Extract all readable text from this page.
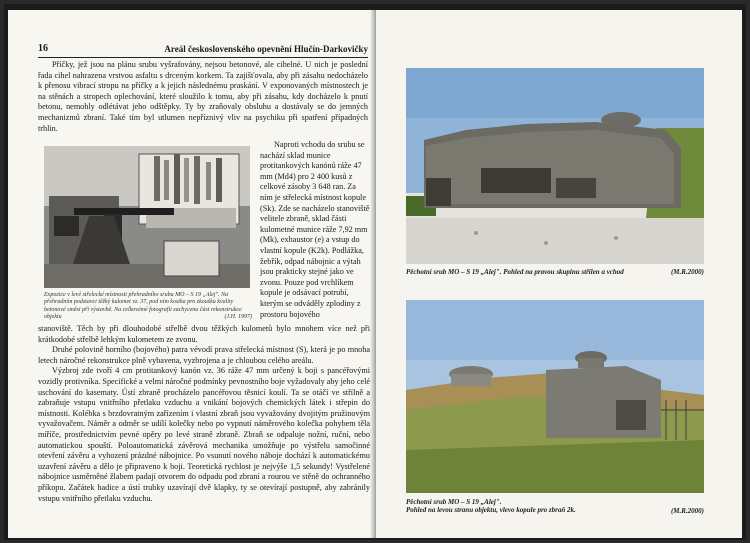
16	Areál československého opevnění Hlučín-Darkovičky

Příčky, jež jsou na plánu srubu vyšrafovány, nejsou betonové, ale cihelné. U nich je poslední řada cihel nahrazena vrstvou asfaltu s drceným korkem. Ta zajišťovala, aby při zásahu nedocházelo k přenosu vibrací stropu na příčky a k jejich následnému praskání. V exponovaných místnostech je na stěnách a stropech oplechování, které sloužilo k tomu, aby při zásahu, kdy docházelo k pnutí betonu, nemohly odlétávat jeho odštěpky. Ty by zraňovaly obsluhu a dostávaly se do jemných mechanizmů zbraní. Také tím byl utlumen nepříznivý vliv na psychiku při spatření případných trhlin.

Expozice v levé střelecké místnosti přehradního srubu MO – S 19 „Alej". Na přehradním podstavci těžký kulomet vz. 37, pod ním kostka pro zkoušku kvality betonové směsi při výstavbě. Na celkovémé fotografii zachycena část rekonstrukce objektu	(J.H. 1997)

Naproti vchodu do srubu se nachází sklad munice protitankových kanónů ráže 47 mm (Md4) pro 2 400 kusů z celkové zásoby 3 648 ran. Za ním je střelecká místnost kopule (Sk). Zde se nacházelo stanoviště velitele zbraně, sklad části kulometné munice ráže 7,92 mm (Mk), exhaustor (e) a vstup do vlastní kopule (K2k). Podlážka, žebřík, odpad nábojnic a výtah jsou prakticky stejné jako ve zvonu. Pouze pod vrchlíkem kopule je odsávací potrubí, kterým se odváděly zplodiny z prostoru bojového

stanoviště. Těch by při dlouhodobé střelbě dvou těžkých kulometů bylo mnohem více než při krátkodobé střelbě lehkým kulometem ze zvonu.

Druhé polovině horního (bojového) patra vévodí prava střelecká místnost (S), která je po mnoha letech náročné rekonstrukce plně vybavena, vyzbrojena a je chloubou celého areálu.

Výzbroj zde tvoří 4 cm protitankový kanón vz. 36 ráže 47 mm určený k boji s pancéřovými vozidly protivníka. Specifické a velmi náročné podmínky pevnostního boje vyžadovaly aby jeho celé uschování do kasematy. Ústí zbraně procházelo pancéřovou těsnicí koulí. Ta se otáčí ve střílně a zabraňuje vstupu vnitřního přetlaku vzduchu a vnikání bojových chemických látek i střepin do místnosti. Kolébka s brzdovratným zařízením i vlastní zbraň jsou vyvažovány dvojitým pružinovým vyvažovačem. Náměr a odměr se udílí kolečky nebo po vypnutí náměrového kolečka pohybem těla míříče, prostřednictvím pevné opěry po levé straně zbraně. Zbraň se odpaluje nožní, ruční, nebo automatickou spouští. Poloautomatická závěrová mechanika umožňuje po výstřelu samočinné otevření závěru a vyhození prázdné nábojnice. Po vsunutí nového náboje dochází k automatickému uzavření závěru a dělo je připraveno k boji. Teoretická rychlost je nejvýše 1,5 sekundy! Vystřelené nábojnice usměrněné žlabem padají otvorem do odpadu pod zbraní a rourou ve stěně do ochranného příkopu. Začátek hadice a ústí trubky uzavírají dvě klapky, ty se otevírají postupně, aby zabránily vstupu vnitřního přetlaku vzduchu.

Pěchotní srub MO – S 19 „Alej". Pohled na pravou skupinu střílen a vchod	(M.R.2000)
Pěchotní srub MO – S 19 „Alej".
Pohled na levou stranu objektu, vlevo kopule pro zbraň 2k.	(M.R.2000)
